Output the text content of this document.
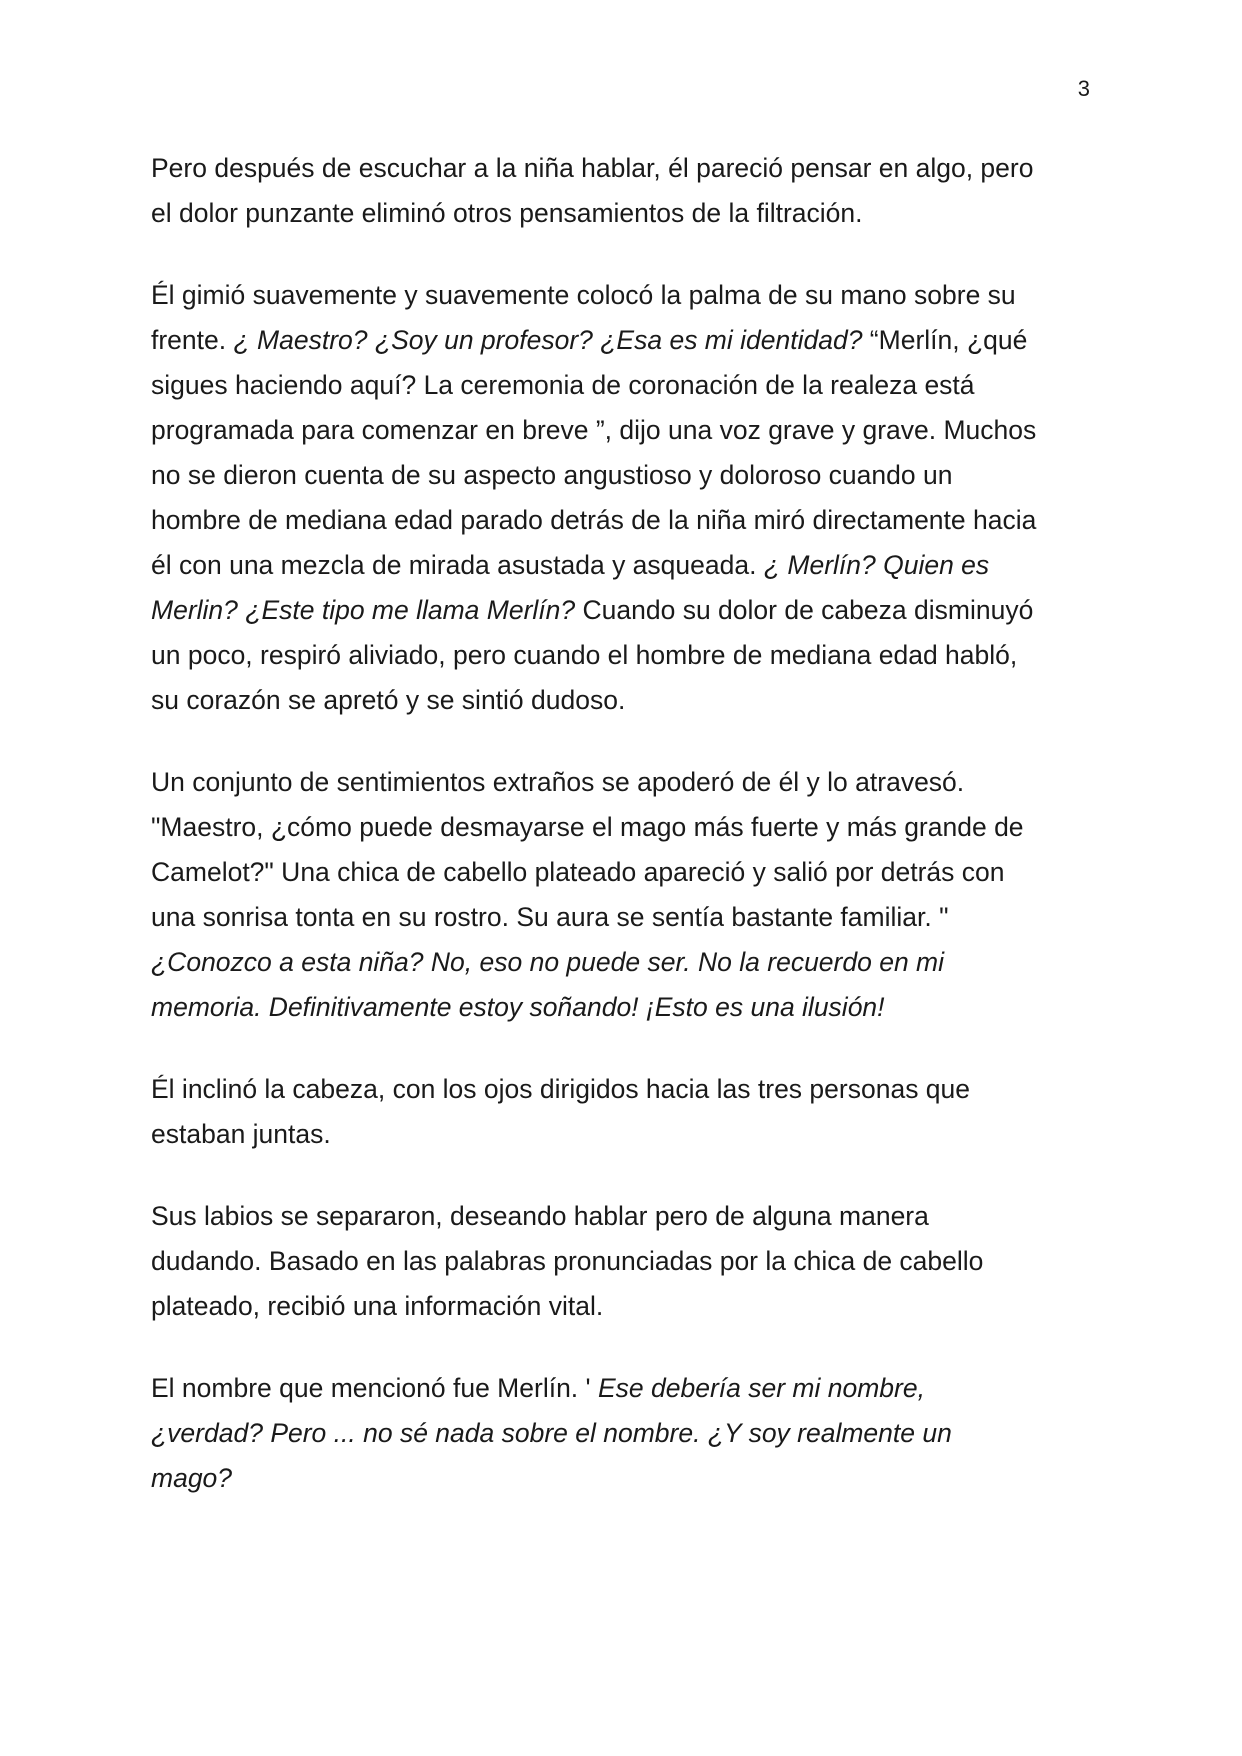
3

Pero después de escuchar a la niña hablar, él pareció pensar en algo, pero
el dolor punzante eliminó otros pensamientos de la filtración.

Él gimió suavemente y suavemente colocó la palma de su mano sobre su
frente. ¿ Maestro? ¿Soy un profesor? ¿Esa es mi identidad? “Merlín, ¿qué
sigues haciendo aquí? La ceremonia de coronación de la realeza está
programada para comenzar en breve ”, dijo una voz grave y grave. Muchos
no se dieron cuenta de su aspecto angustioso y doloroso cuando un
hombre de mediana edad parado detrás de la niña miró directamente hacia
él con una mezcla de mirada asustada y asqueada. ¿ Merlín? Quien es
Merlin? ¿Este tipo me llama Merlín? Cuando su dolor de cabeza disminuyó
un poco, respiró aliviado, pero cuando el hombre de mediana edad habló,
su corazón se apretó y se sintió dudoso.

Un conjunto de sentimientos extraños se apoderó de él y lo atravesó.
"Maestro, ¿cómo puede desmayarse el mago más fuerte y más grande de
Camelot?" Una chica de cabello plateado apareció y salió por detrás con
una sonrisa tonta en su rostro. Su aura se sentía bastante familiar. "
¿Conozco a esta niña? No, eso no puede ser. No la recuerdo en mi
memoria. Definitivamente estoy soñando! ¡Esto es una ilusión!

Él inclinó la cabeza, con los ojos dirigidos hacia las tres personas que
estaban juntas.

Sus labios se separaron, deseando hablar pero de alguna manera
dudando. Basado en las palabras pronunciadas por la chica de cabello
plateado, recibió una información vital.

El nombre que mencionó fue Merlín. ' Ese debería ser mi nombre,
¿verdad? Pero ... no sé nada sobre el nombre. ¿Y soy realmente un
mago?
